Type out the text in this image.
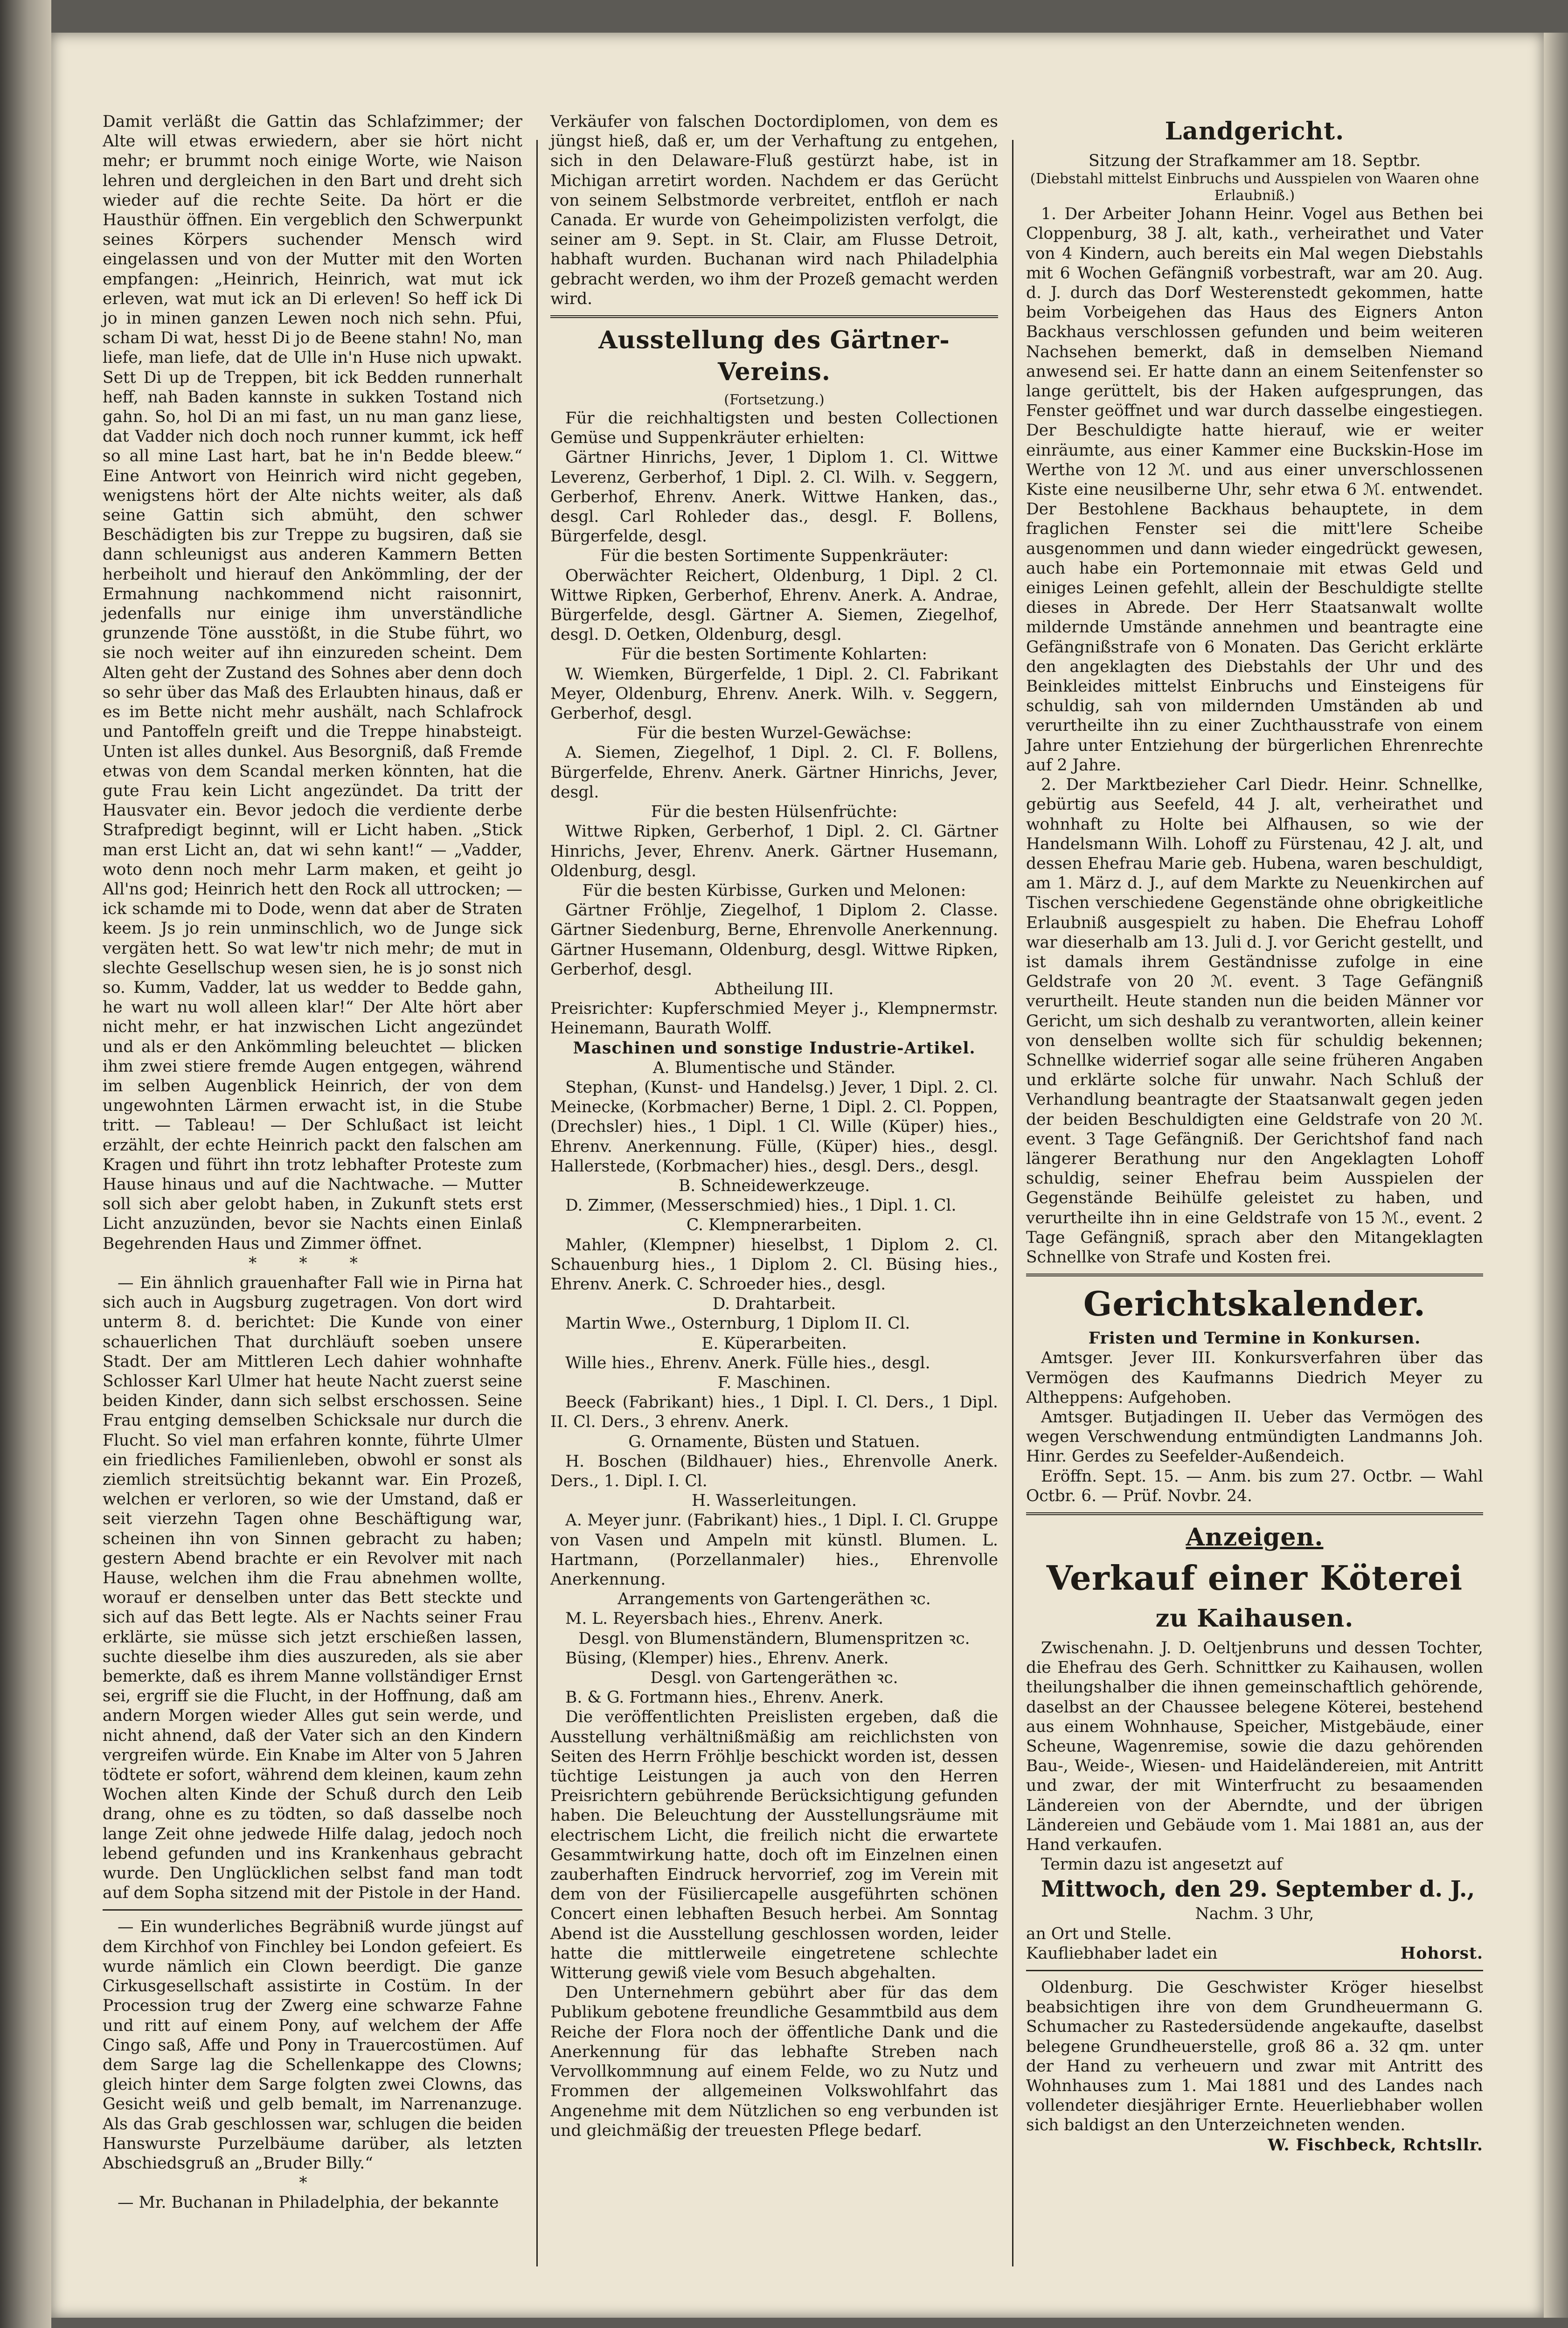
Damit verläßt die Gattin das Schlafzimmer; der Alte will etwas erwiedern, aber sie hört nicht mehr; er brummt noch einige Worte, wie Naison lehren und dergleichen in den Bart und dreht sich wieder auf die rechte Seite. Da hört er die Hausthür öffnen. Ein vergeblich den Schwerpunkt seines Körpers suchender Mensch wird eingelassen und von der Mutter mit den Worten empfangen: „Heinrich, Heinrich, wat mut ick erleven, wat mut ick an Di erleven! So heff ick Di jo in minen ganzen Lewen noch nich sehn. Pfui, scham Di wat, hesst Di jo de Beene stahn! No, man liefe, man liefe, dat de Ulle in'n Huse nich upwakt. Sett Di up de Treppen, bit ick Bedden runnerhalt heff, nah Baden kannste in sukken Tostand nich gahn. So, hol Di an mi fast, un nu man ganz liese, dat Vadder nich doch noch runner kummt, ick heff so all mine Last hart, bat he in'n Bedde bleew.“ Eine Antwort von Heinrich wird nicht gegeben, wenigstens hört der Alte nichts weiter, als daß seine Gattin sich abmüht, den schwer Beschädigten bis zur Treppe zu bugsiren, daß sie dann schleunigst aus anderen Kammern Betten herbeiholt und hierauf den Ankömmling, der der Ermahnung nachkommend nicht raisonnirt, jedenfalls nur einige ihm unverständliche grunzende Töne ausstößt, in die Stube führt, wo sie noch weiter auf ihn einzureden scheint. Dem Alten geht der Zustand des Sohnes aber denn doch so sehr über das Maß des Erlaubten hinaus, daß er es im Bette nicht mehr aushält, nach Schlafrock und Pantoffeln greift und die Treppe hinabsteigt. Unten ist alles dunkel. Aus Besorgniß, daß Fremde etwas von dem Scandal merken könnten, hat die gute Frau kein Licht angezündet. Da tritt der Hausvater ein. Bevor jedoch die verdiente derbe Strafpredigt beginnt, will er Licht haben. „Stick man erst Licht an, dat wi sehn kant!“ — „Vadder, woto denn noch mehr Larm maken, et geiht jo All'ns god; Heinrich hett den Rock all uttrocken; — ick schamde mi to Dode, wenn dat aber de Straten keem. Js jo rein unminschlich, wo de Junge sick vergäten hett. So wat lew'tr nich mehr; de mut in slechte Gesellschup wesen sien, he is jo sonst nich so. Kumm, Vadder, lat us wedder to Bedde gahn, he wart nu woll alleen klar!“ Der Alte hört aber nicht mehr, er hat inzwischen Licht angezündet und als er den Ankömmling beleuchtet — blicken ihm zwei stiere fremde Augen entgegen, während im selben Augenblick Heinrich, der von dem ungewohnten Lärmen erwacht ist, in die Stube tritt. — Tableau! — Der Schlußact ist leicht erzählt, der echte Heinrich packt den falschen am Kragen und führt ihn trotz lebhafter Proteste zum Hause hinaus und auf die Nachtwache. — Mutter soll sich aber gelobt haben, in Zukunft stets erst Licht anzuzünden, bevor sie Nachts einen Einlaß Begehrenden Haus und Zimmer öffnet.

* * *

— Ein ähnlich grauenhafter Fall wie in Pirna hat sich auch in Augsburg zugetragen. Von dort wird unterm 8. d. berichtet: Die Kunde von einer schauerlichen That durchläuft soeben unsere Stadt. Der am Mittleren Lech dahier wohnhafte Schlosser Karl Ulmer hat heute Nacht zuerst seine beiden Kinder, dann sich selbst erschossen. Seine Frau entging demselben Schicksale nur durch die Flucht. So viel man erfahren konnte, führte Ulmer ein friedliches Familienleben, obwohl er sonst als ziemlich streitsüchtig bekannt war. Ein Prozeß, welchen er verloren, so wie der Umstand, daß er seit vierzehn Tagen ohne Beschäftigung war, scheinen ihn von Sinnen gebracht zu haben; gestern Abend brachte er ein Revolver mit nach Hause, welchen ihm die Frau abnehmen wollte, worauf er denselben unter das Bett steckte und sich auf das Bett legte. Als er Nachts seiner Frau erklärte, sie müsse sich jetzt erschießen lassen, suchte dieselbe ihm dies auszureden, als sie aber bemerkte, daß es ihrem Manne vollständiger Ernst sei, ergriff sie die Flucht, in der Hoffnung, daß am andern Morgen wieder Alles gut sein werde, und nicht ahnend, daß der Vater sich an den Kindern vergreifen würde. Ein Knabe im Alter von 5 Jahren tödtete er sofort, während dem kleinen, kaum zehn Wochen alten Kinde der Schuß durch den Leib drang, ohne es zu tödten, so daß dasselbe noch lange Zeit ohne jedwede Hilfe dalag, jedoch noch lebend gefunden und ins Krankenhaus gebracht wurde. Den Unglücklichen selbst fand man todt auf dem Sopha sitzend mit der Pistole in der Hand.

— Ein wunderliches Begräbniß wurde jüngst auf dem Kirchhof von Finchley bei London gefeiert. Es wurde nämlich ein Clown beerdigt. Die ganze Cirkusgesellschaft assistirte in Costüm. In der Procession trug der Zwerg eine schwarze Fahne und ritt auf einem Pony, auf welchem der Affe Cingo saß, Affe und Pony in Trauercostümen. Auf dem Sarge lag die Schellenkappe des Clowns; gleich hinter dem Sarge folgten zwei Clowns, das Gesicht weiß und gelb bemalt, im Narrenanzuge. Als das Grab geschlossen war, schlugen die beiden Hanswurste Purzelbäume darüber, als letzten Abschiedsgruß an „Bruder Billy.“

*

— Mr. Buchanan in Philadelphia, der bekannte

Verkäufer von falschen Doctordiplomen, von dem es jüngst hieß, daß er, um der Verhaftung zu entgehen, sich in den Delaware-Fluß gestürzt habe, ist in Michigan arretirt worden. Nachdem er das Gerücht von seinem Selbstmorde verbreitet, entfloh er nach Canada. Er wurde von Geheimpolizisten verfolgt, die seiner am 9. Sept. in St. Clair, am Flusse Detroit, habhaft wurden. Buchanan wird nach Philadelphia gebracht werden, wo ihm der Prozeß gemacht werden wird.

Ausstellung des Gärtner-Vereins.

(Fortsetzung.)

Für die reichhaltigsten und besten Collectionen Gemüse und Suppenkräuter erhielten:

Gärtner Hinrichs, Jever, 1 Diplom 1. Cl. Wittwe Leverenz, Gerberhof, 1 Dipl. 2. Cl. Wilh. v. Seggern, Gerberhof, Ehrenv. Anerk. Wittwe Hanken, das., desgl. Carl Rohleder das., desgl. F. Bollens, Bürgerfelde, desgl.

Für die besten Sortimente Suppenkräuter:

Oberwächter Reichert, Oldenburg, 1 Dipl. 2 Cl. Wittwe Ripken, Gerberhof, Ehrenv. Anerk. A. Andrae, Bürgerfelde, desgl. Gärtner A. Siemen, Ziegelhof, desgl. D. Oetken, Oldenburg, desgl.

Für die besten Sortimente Kohlarten:

W. Wiemken, Bürgerfelde, 1 Dipl. 2. Cl. Fabrikant Meyer, Oldenburg, Ehrenv. Anerk. Wilh. v. Seggern, Gerberhof, desgl.

Für die besten Wurzel-Gewächse:

A. Siemen, Ziegelhof, 1 Dipl. 2. Cl. F. Bollens, Bürgerfelde, Ehrenv. Anerk. Gärtner Hinrichs, Jever, desgl.

Für die besten Hülsenfrüchte:

Wittwe Ripken, Gerberhof, 1 Dipl. 2. Cl. Gärtner Hinrichs, Jever, Ehrenv. Anerk. Gärtner Husemann, Oldenburg, desgl.

Für die besten Kürbisse, Gurken und Melonen:

Gärtner Fröhlje, Ziegelhof, 1 Diplom 2. Classe. Gärtner Siedenburg, Berne, Ehrenvolle Anerkennung. Gärtner Husemann, Oldenburg, desgl. Wittwe Ripken, Gerberhof, desgl.

Abtheilung III.

Preisrichter: Kupferschmied Meyer j., Klempnermstr. Heinemann, Baurath Wolff.

Maschinen und sonstige Industrie-Artikel.

A. Blumentische und Ständer.

Stephan, (Kunst- und Handelsg.) Jever, 1 Dipl. 2. Cl. Meinecke, (Korbmacher) Berne, 1 Dipl. 2. Cl. Poppen, (Drechsler) hies., 1 Dipl. 1 Cl. Wille (Küper) hies., Ehrenv. Anerkennung. Fülle, (Küper) hies., desgl. Hallerstede, (Korbmacher) hies., desgl. Ders., desgl.

B. Schneidewerkzeuge.

D. Zimmer, (Messerschmied) hies., 1 Dipl. 1. Cl.

C. Klempnerarbeiten.

Mahler, (Klempner) hieselbst, 1 Diplom 2. Cl. Schauenburg hies., 1 Diplom 2. Cl. Büsing hies., Ehrenv. Anerk. C. Schroeder hies., desgl.

D. Drahtarbeit.

Martin Wwe., Osternburg, 1 Diplom II. Cl.

E. Küperarbeiten.

Wille hies., Ehrenv. Anerk. Fülle hies., desgl.

F. Maschinen.

Beeck (Fabrikant) hies., 1 Dipl. I. Cl. Ders., 1 Dipl. II. Cl. Ders., 3 ehrenv. Anerk.

G. Ornamente, Büsten und Statuen.

H. Boschen (Bildhauer) hies., Ehrenvolle Anerk. Ders., 1. Dipl. I. Cl.

H. Wasserleitungen.

A. Meyer junr. (Fabrikant) hies., 1 Dipl. I. Cl. Gruppe von Vasen und Ampeln mit künstl. Blumen. L. Hartmann, (Porzellanmaler) hies., Ehrenvolle Anerkennung.

Arrangements von Gartengeräthen ꝛc.

M. L. Reyersbach hies., Ehrenv. Anerk.

Desgl. von Blumenständern, Blumenspritzen ꝛc.

Büsing, (Klemper) hies., Ehrenv. Anerk.

Desgl. von Gartengeräthen ꝛc.

B. & G. Fortmann hies., Ehrenv. Anerk.

Die veröffentlichten Preislisten ergeben, daß die Ausstellung verhältnißmäßig am reichlichsten von Seiten des Herrn Fröhlje beschickt worden ist, dessen tüchtige Leistungen ja auch von den Herren Preisrichtern gebührende Berücksichtigung gefunden haben. Die Beleuchtung der Ausstellungsräume mit electrischem Licht, die freilich nicht die erwartete Gesammtwirkung hatte, doch oft im Einzelnen einen zauberhaften Eindruck hervorrief, zog im Verein mit dem von der Füsiliercapelle ausgeführten schönen Concert einen lebhaften Besuch herbei. Am Sonntag Abend ist die Ausstellung geschlossen worden, leider hatte die mittlerweile eingetretene schlechte Witterung gewiß viele vom Besuch abgehalten.

Den Unternehmern gebührt aber für das dem Publikum gebotene freundliche Gesammtbild aus dem Reiche der Flora noch der öffentliche Dank und die Anerkennung für das lebhafte Streben nach Vervollkommnung auf einem Felde, wo zu Nutz und Frommen der allgemeinen Volkswohlfahrt das Angenehme mit dem Nützlichen so eng verbunden ist und gleichmäßig der treuesten Pflege bedarf.

Landgericht.

Sitzung der Strafkammer am 18. Septbr.

(Diebstahl mittelst Einbruchs und Ausspielen von Waaren ohne Erlaubniß.)

1. Der Arbeiter Johann Heinr. Vogel aus Bethen bei Cloppenburg, 38 J. alt, kath., verheirathet und Vater von 4 Kindern, auch bereits ein Mal wegen Diebstahls mit 6 Wochen Gefängniß vorbestraft, war am 20. Aug. d. J. durch das Dorf Westerenstedt gekommen, hatte beim Vorbeigehen das Haus des Eigners Anton Backhaus verschlossen gefunden und beim weiteren Nachsehen bemerkt, daß in demselben Niemand anwesend sei. Er hatte dann an einem Seitenfenster so lange gerüttelt, bis der Haken aufgesprungen, das Fenster geöffnet und war durch dasselbe eingestiegen. Der Beschuldigte hatte hierauf, wie er weiter einräumte, aus einer Kammer eine Buckskin-Hose im Werthe von 12 ℳ. und aus einer unverschlossenen Kiste eine neusilberne Uhr, sehr etwa 6 ℳ. entwendet. Der Bestohlene Backhaus behauptete, in dem fraglichen Fenster sei die mitt'lere Scheibe ausgenommen und dann wieder eingedrückt gewesen, auch habe ein Portemonnaie mit etwas Geld und einiges Leinen gefehlt, allein der Beschuldigte stellte dieses in Abrede. Der Herr Staatsanwalt wollte mildernde Umstände annehmen und beantragte eine Gefängnißstrafe von 6 Monaten. Das Gericht erklärte den angeklagten des Diebstahls der Uhr und des Beinkleides mittelst Einbruchs und Einsteigens für schuldig, sah von mildernden Umständen ab und verurtheilte ihn zu einer Zuchthausstrafe von einem Jahre unter Entziehung der bürgerlichen Ehrenrechte auf 2 Jahre.

2. Der Marktbezieher Carl Diedr. Heinr. Schnellke, gebürtig aus Seefeld, 44 J. alt, verheirathet und wohnhaft zu Holte bei Alfhausen, so wie der Handelsmann Wilh. Lohoff zu Fürstenau, 42 J. alt, und dessen Ehefrau Marie geb. Hubena, waren beschuldigt, am 1. März d. J., auf dem Markte zu Neuenkirchen auf Tischen verschiedene Gegenstände ohne obrigkeitliche Erlaubniß ausgespielt zu haben. Die Ehefrau Lohoff war dieserhalb am 13. Juli d. J. vor Gericht gestellt, und ist damals ihrem Geständnisse zufolge in eine Geldstrafe von 20 ℳ. event. 3 Tage Gefängniß verurtheilt. Heute standen nun die beiden Männer vor Gericht, um sich deshalb zu verantworten, allein keiner von denselben wollte sich für schuldig bekennen; Schnellke widerrief sogar alle seine früheren Angaben und erklärte solche für unwahr. Nach Schluß der Verhandlung beantragte der Staatsanwalt gegen jeden der beiden Beschuldigten eine Geldstrafe von 20 ℳ. event. 3 Tage Gefängniß. Der Gerichtshof fand nach längerer Berathung nur den Angeklagten Lohoff schuldig, seiner Ehefrau beim Ausspielen der Gegenstände Beihülfe geleistet zu haben, und verurtheilte ihn in eine Geldstrafe von 15 ℳ., event. 2 Tage Gefängniß, sprach aber den Mitangeklagten Schnellke von Strafe und Kosten frei.

Gerichtskalender.

Fristen und Termine in Konkursen.

Amtsger. Jever III. Konkursverfahren über das Vermögen des Kaufmanns Diedrich Meyer zu Altheppens: Aufgehoben.

Amtsger. Butjadingen II. Ueber das Vermögen des wegen Verschwendung entmündigten Landmanns Joh. Hinr. Gerdes zu Seefelder-Außendeich.

Eröffn. Sept. 15. — Anm. bis zum 27. Octbr. — Wahl Octbr. 6. — Prüf. Novbr. 24.

Anzeigen.
Verkauf einer Köterei
zu Kaihausen.

Zwischenahn. J. D. Oeltjenbruns und dessen Tochter, die Ehefrau des Gerh. Schnittker zu Kaihausen, wollen theilungshalber die ihnen gemeinschaftlich gehörende, daselbst an der Chaussee belegene Köterei, bestehend aus einem Wohnhause, Speicher, Mistgebäude, einer Scheune, Wagenremise, sowie die dazu gehörenden Bau-, Weide-, Wiesen- und Haideländereien, mit Antritt und zwar, der mit Winterfrucht zu besaamenden Ländereien von der Aberndte, und der übrigen Ländereien und Gebäude vom 1. Mai 1881 an, aus der Hand verkaufen.

Termin dazu ist angesetzt auf

Mittwoch, den 29. September d. J.,

Nachm. 3 Uhr,

an Ort und Stelle.

Kaufliebhaber ladet ein	Hohorst.

Oldenburg. Die Geschwister Kröger hieselbst beabsichtigen ihre von dem Grundheuermann G. Schumacher zu Rastedersüdende angekaufte, daselbst belegene Grundheuerstelle, groß 86 a. 32 qm. unter der Hand zu verheuern und zwar mit Antritt des Wohnhauses zum 1. Mai 1881 und des Landes nach vollendeter diesjähriger Ernte. Heuerliebhaber wollen sich baldigst an den Unterzeichneten wenden.

W. Fischbeck, Rchtsllr.
